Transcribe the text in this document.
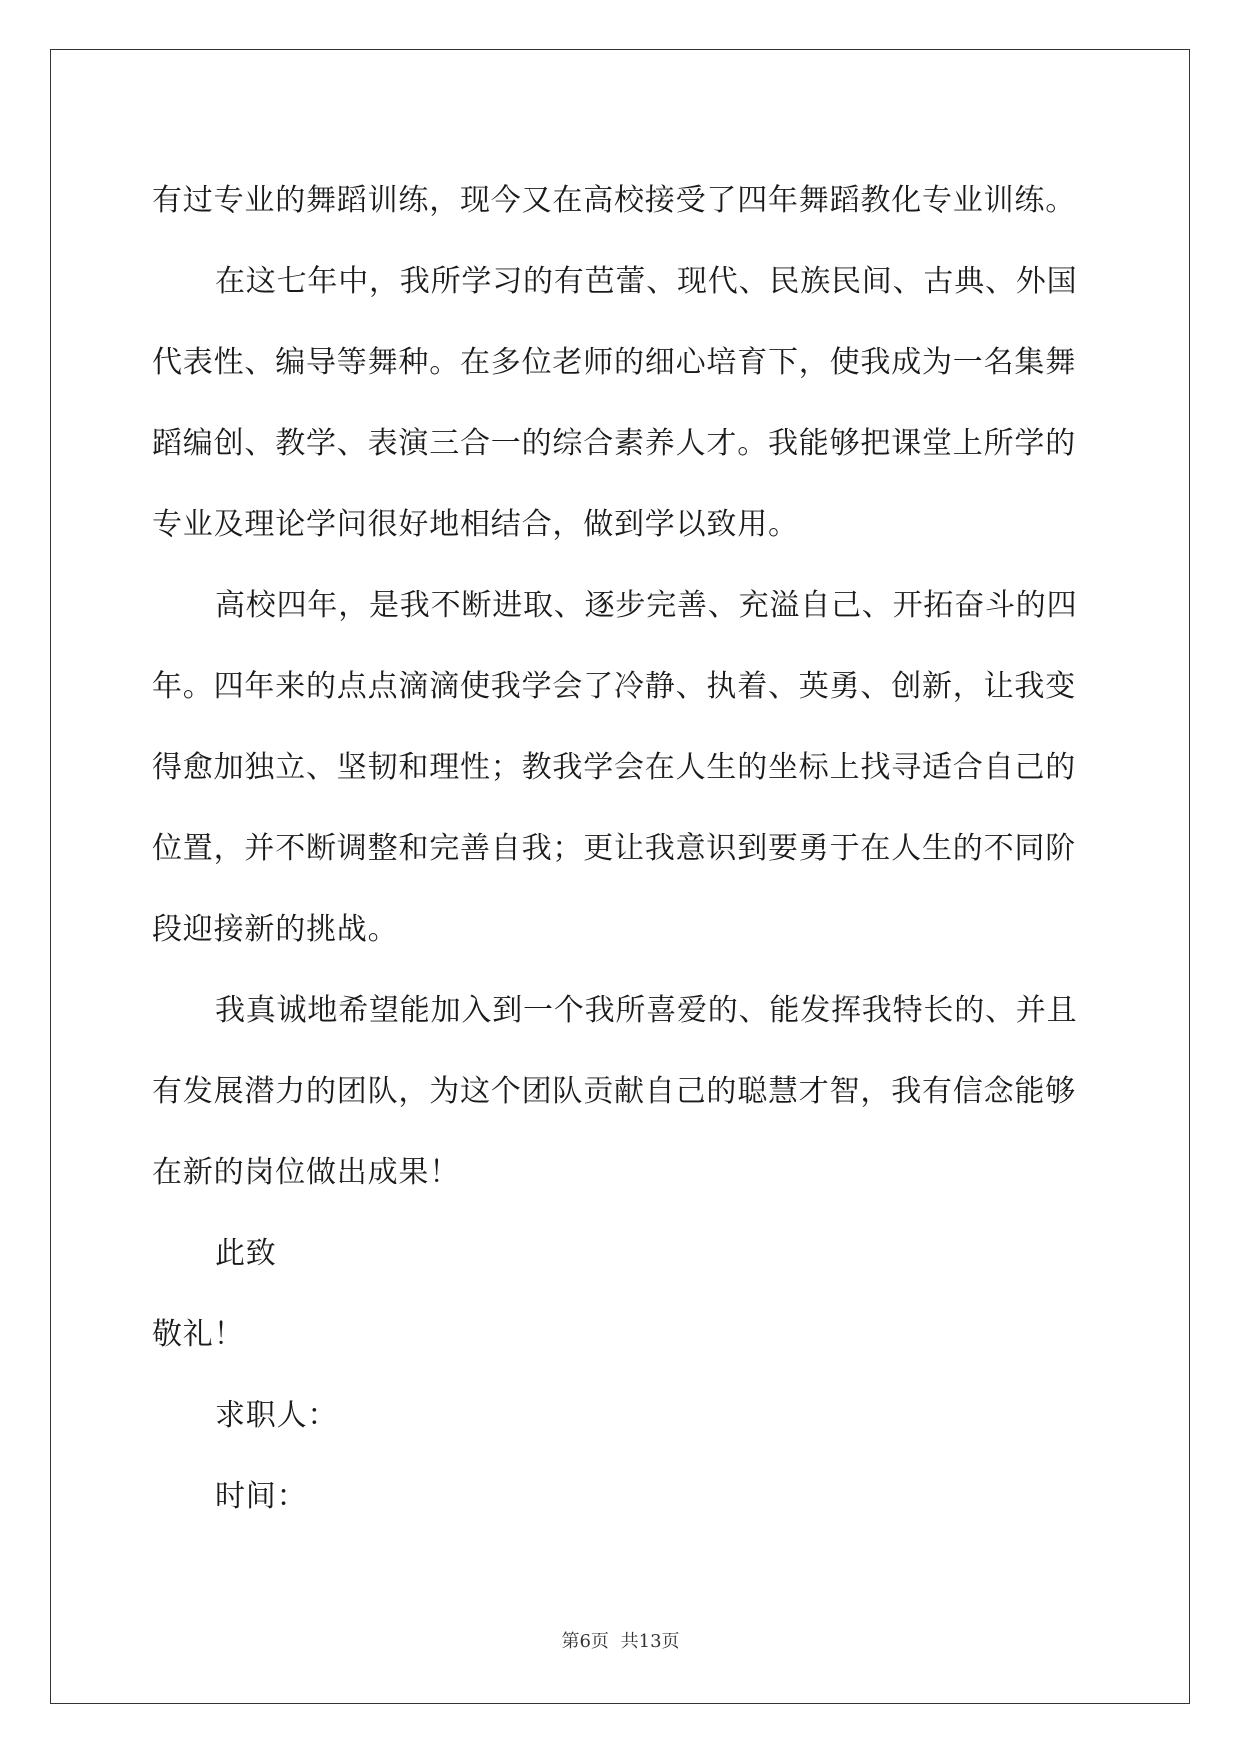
有过专业的舞蹈训练，现今又在高校接受了四年舞蹈教化专业训练。
在这七年中，我所学习的有芭蕾、现代、民族民间、古典、外国
代表性、编导等舞种。在多位老师的细心培育下，使我成为一名集舞
蹈编创、教学、表演三合一的综合素养人才。我能够把课堂上所学的
专业及理论学问很好地相结合，做到学以致用。
高校四年，是我不断进取、逐步完善、充溢自己、开拓奋斗的四
年。四年来的点点滴滴使我学会了冷静、执着、英勇、创新，让我变
得愈加独立、坚韧和理性；教我学会在人生的坐标上找寻适合自己的
位置，并不断调整和完善自我；更让我意识到要勇于在人生的不同阶
段迎接新的挑战。
我真诚地希望能加入到一个我所喜爱的、能发挥我特长的、并且
有发展潜力的团队，为这个团队贡献自己的聪慧才智，我有信念能够
在新的岗位做出成果！
此致
敬礼！
求职人：
时间：
第6页 共13页
